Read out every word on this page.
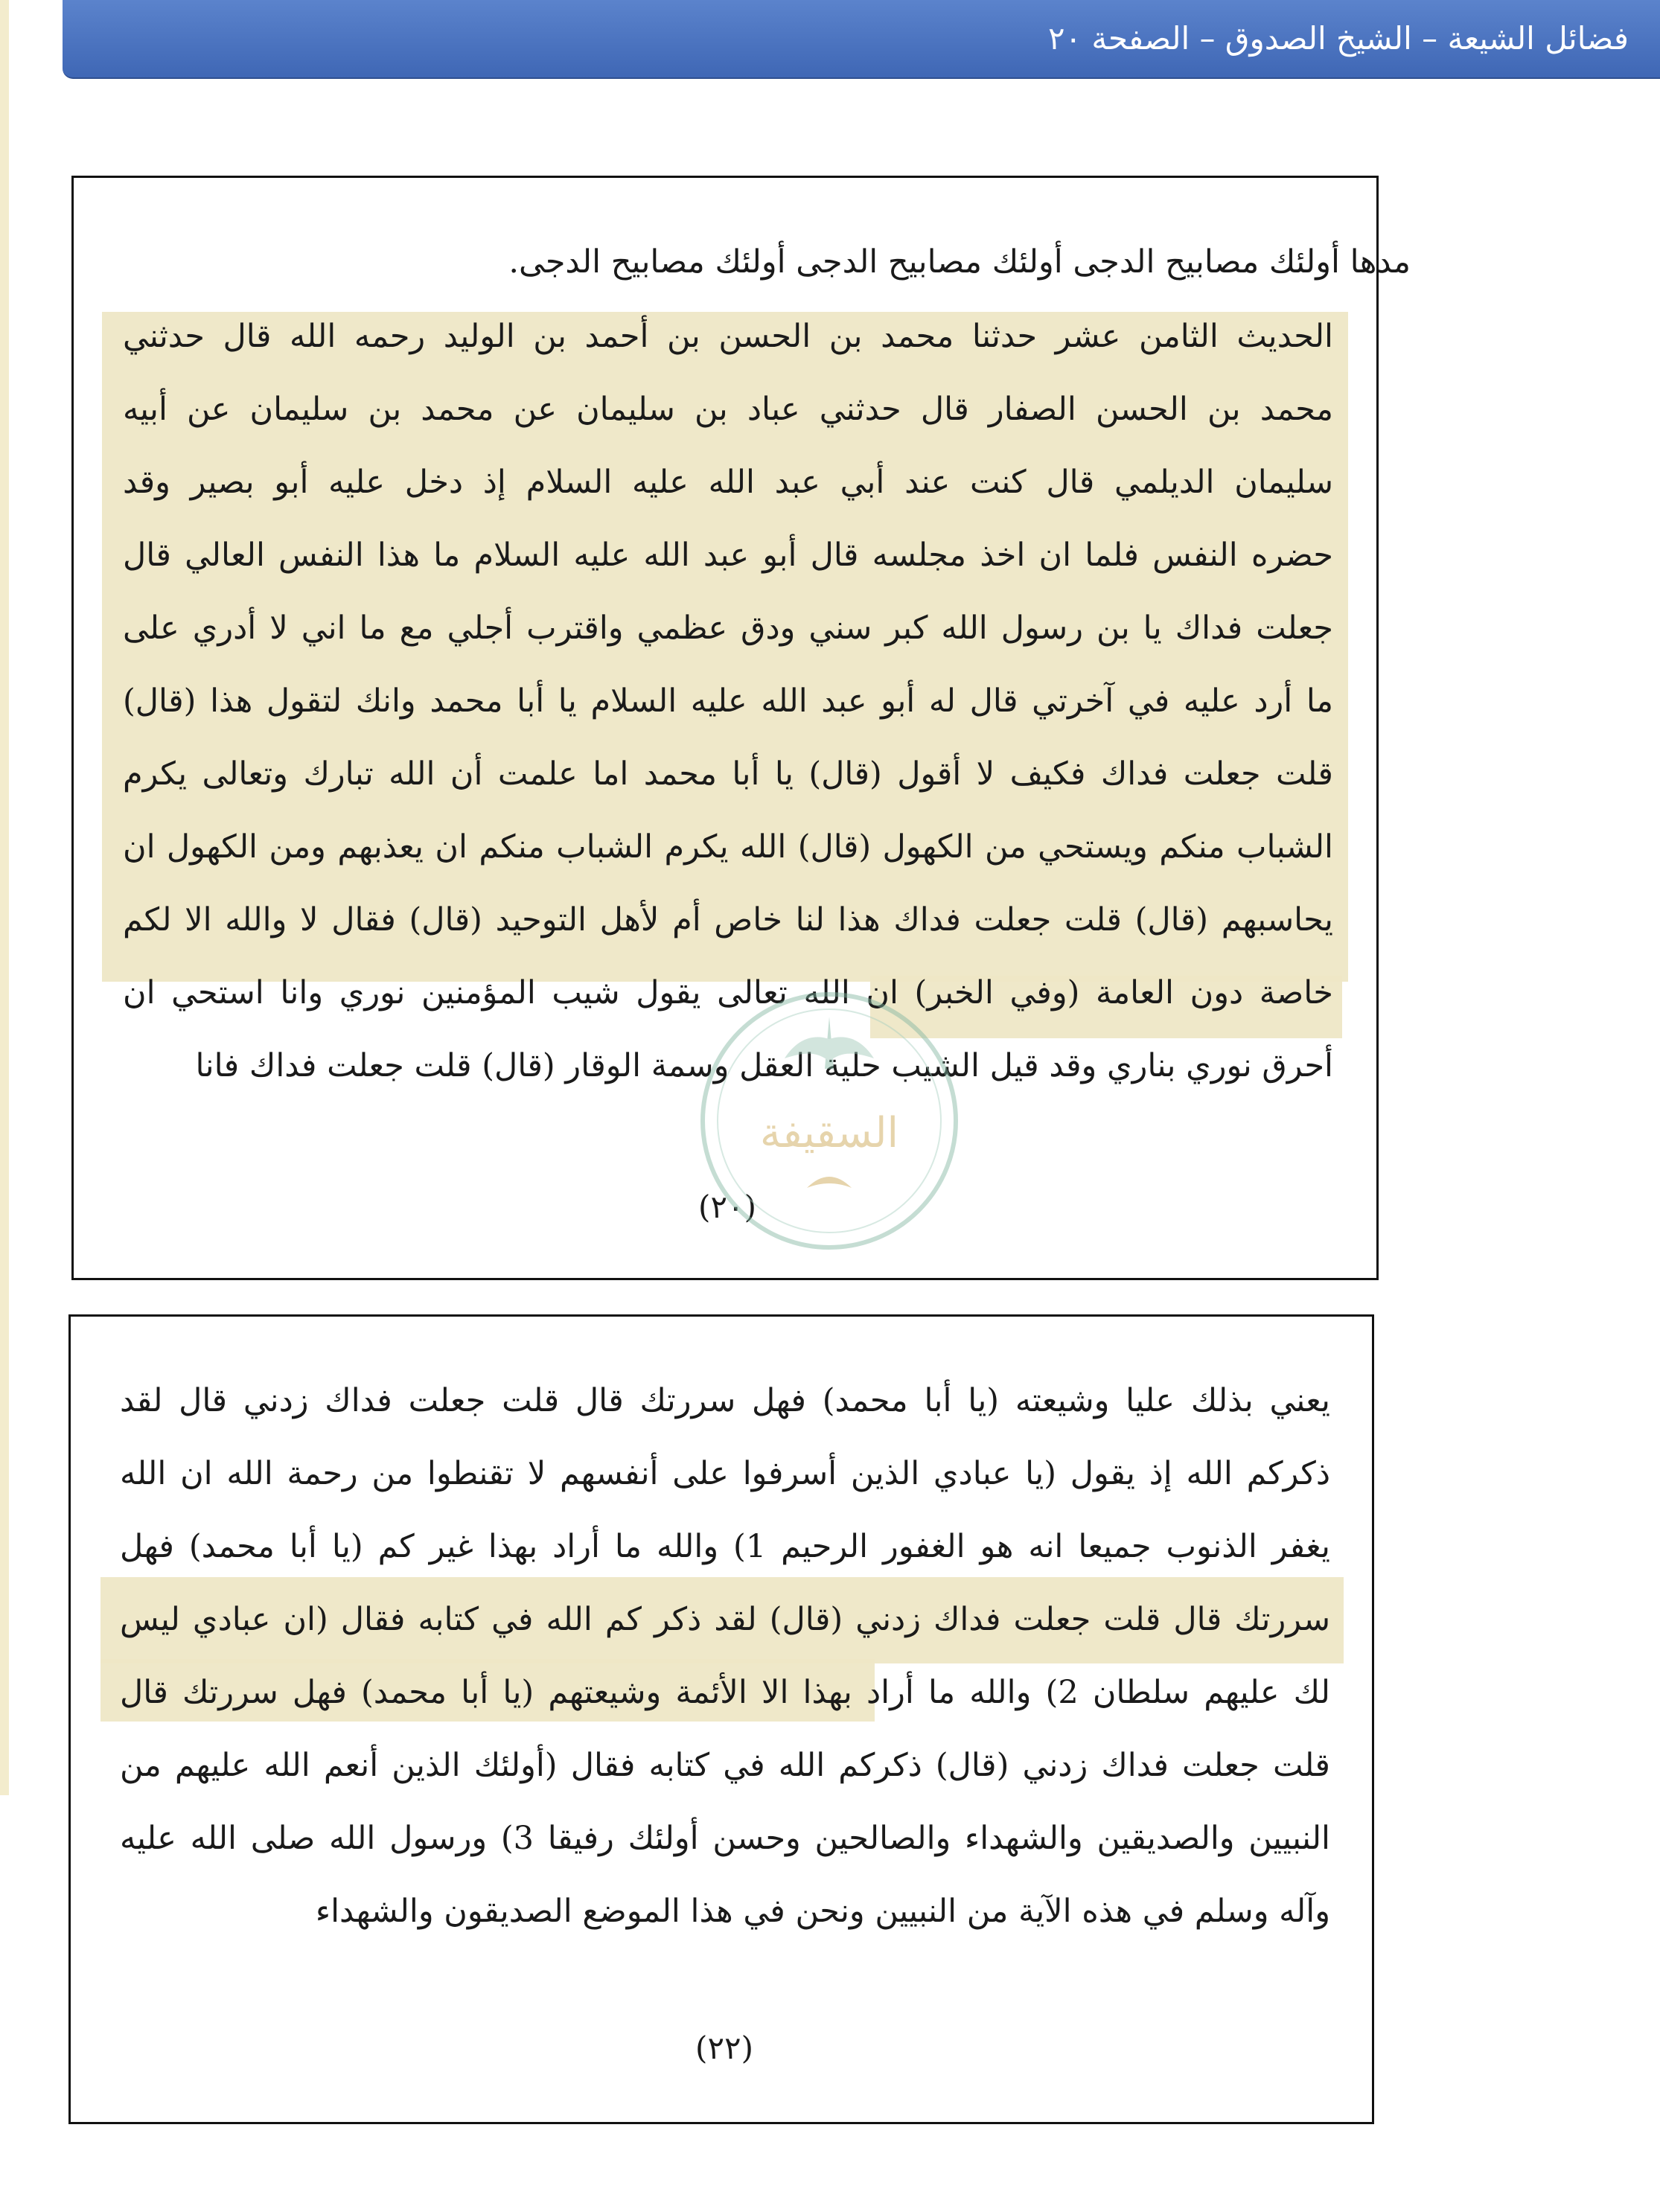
فضائل الشيعة – الشيخ الصدوق – الصفحة ٢٠
مدها أولئك مصابيح الدجى أولئك مصابيح الدجى أولئك مصابيح الدجى.
الحديث الثامن عشر حدثنا محمد بن الحسن بن أحمد بن الوليد رحمه الله قال حدثني
محمد بن الحسن الصفار قال حدثني عباد بن سليمان عن محمد بن سليمان عن أبيه
سليمان الديلمي قال كنت عند أبي عبد الله عليه السلام إذ دخل عليه أبو بصير وقد
حضره النفس فلما ان اخذ مجلسه قال أبو عبد الله عليه السلام ما هذا النفس العالي قال
جعلت فداك يا بن رسول الله كبر سني ودق عظمي واقترب أجلي مع ما اني لا أدري على
ما أرد عليه في آخرتي قال له أبو عبد الله عليه السلام يا أبا محمد وانك لتقول هذا (قال)
قلت جعلت فداك فكيف لا أقول (قال) يا أبا محمد اما علمت أن الله تبارك وتعالى يكرم
الشباب منكم ويستحي من الكهول (قال) الله يكرم الشباب منكم ان يعذبهم ومن الكهول ان
يحاسبهم (قال) قلت جعلت فداك هذا لنا خاص أم لأهل التوحيد (قال) فقال لا والله الا لكم
خاصة دون العامة (وفي الخبر) ان الله تعالى يقول شيب المؤمنين نوري وانا استحي ان
أحرق نوري بناري وقد قيل الشيب حلية العقل وسمة الوقار (قال) قلت جعلت فداك فانا
(٢٠)
السقيفة
يعني بذلك عليا وشيعته (يا أبا محمد) فهل سررتك قال قلت جعلت فداك زدني قال لقد
ذكركم الله إذ يقول (يا عبادي الذين أسرفوا على أنفسهم لا تقنطوا من رحمة الله ان الله
يغفر الذنوب جميعا انه هو الغفور الرحيم 1) والله ما أراد بهذا غير كم (يا أبا محمد) فهل
سررتك قال قلت جعلت فداك زدني (قال) لقد ذكر كم الله في كتابه فقال (ان عبادي ليس
لك عليهم سلطان 2) والله ما أراد بهذا الا الأئمة وشيعتهم (يا أبا محمد) فهل سررتك قال
قلت جعلت فداك زدني (قال) ذكركم الله في كتابه فقال (أولئك الذين أنعم الله عليهم من
النبيين والصديقين والشهداء والصالحين وحسن أولئك رفيقا 3) ورسول الله صلى الله عليه
وآله وسلم في هذه الآية من النبيين ونحن في هذا الموضع الصديقون والشهداء
(٢٢)
